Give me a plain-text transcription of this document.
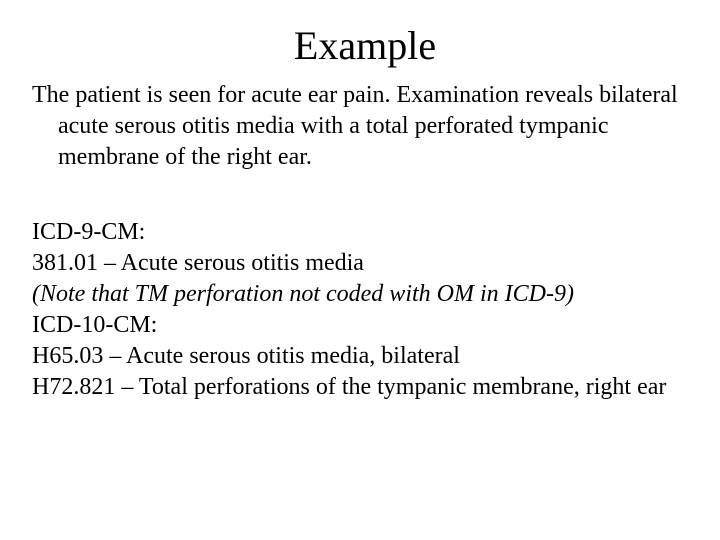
Example

The patient is seen for acute ear pain. Examination reveals bilateral acute serous otitis media with a total perforated tympanic membrane of the right ear.

ICD-9-CM:

381.01 – Acute serous otitis media

(Note that TM perforation not coded with OM in ICD-9)

ICD-10-CM:

H65.03 – Acute serous otitis media, bilateral

H72.821 – Total perforations of the tympanic membrane, right ear
